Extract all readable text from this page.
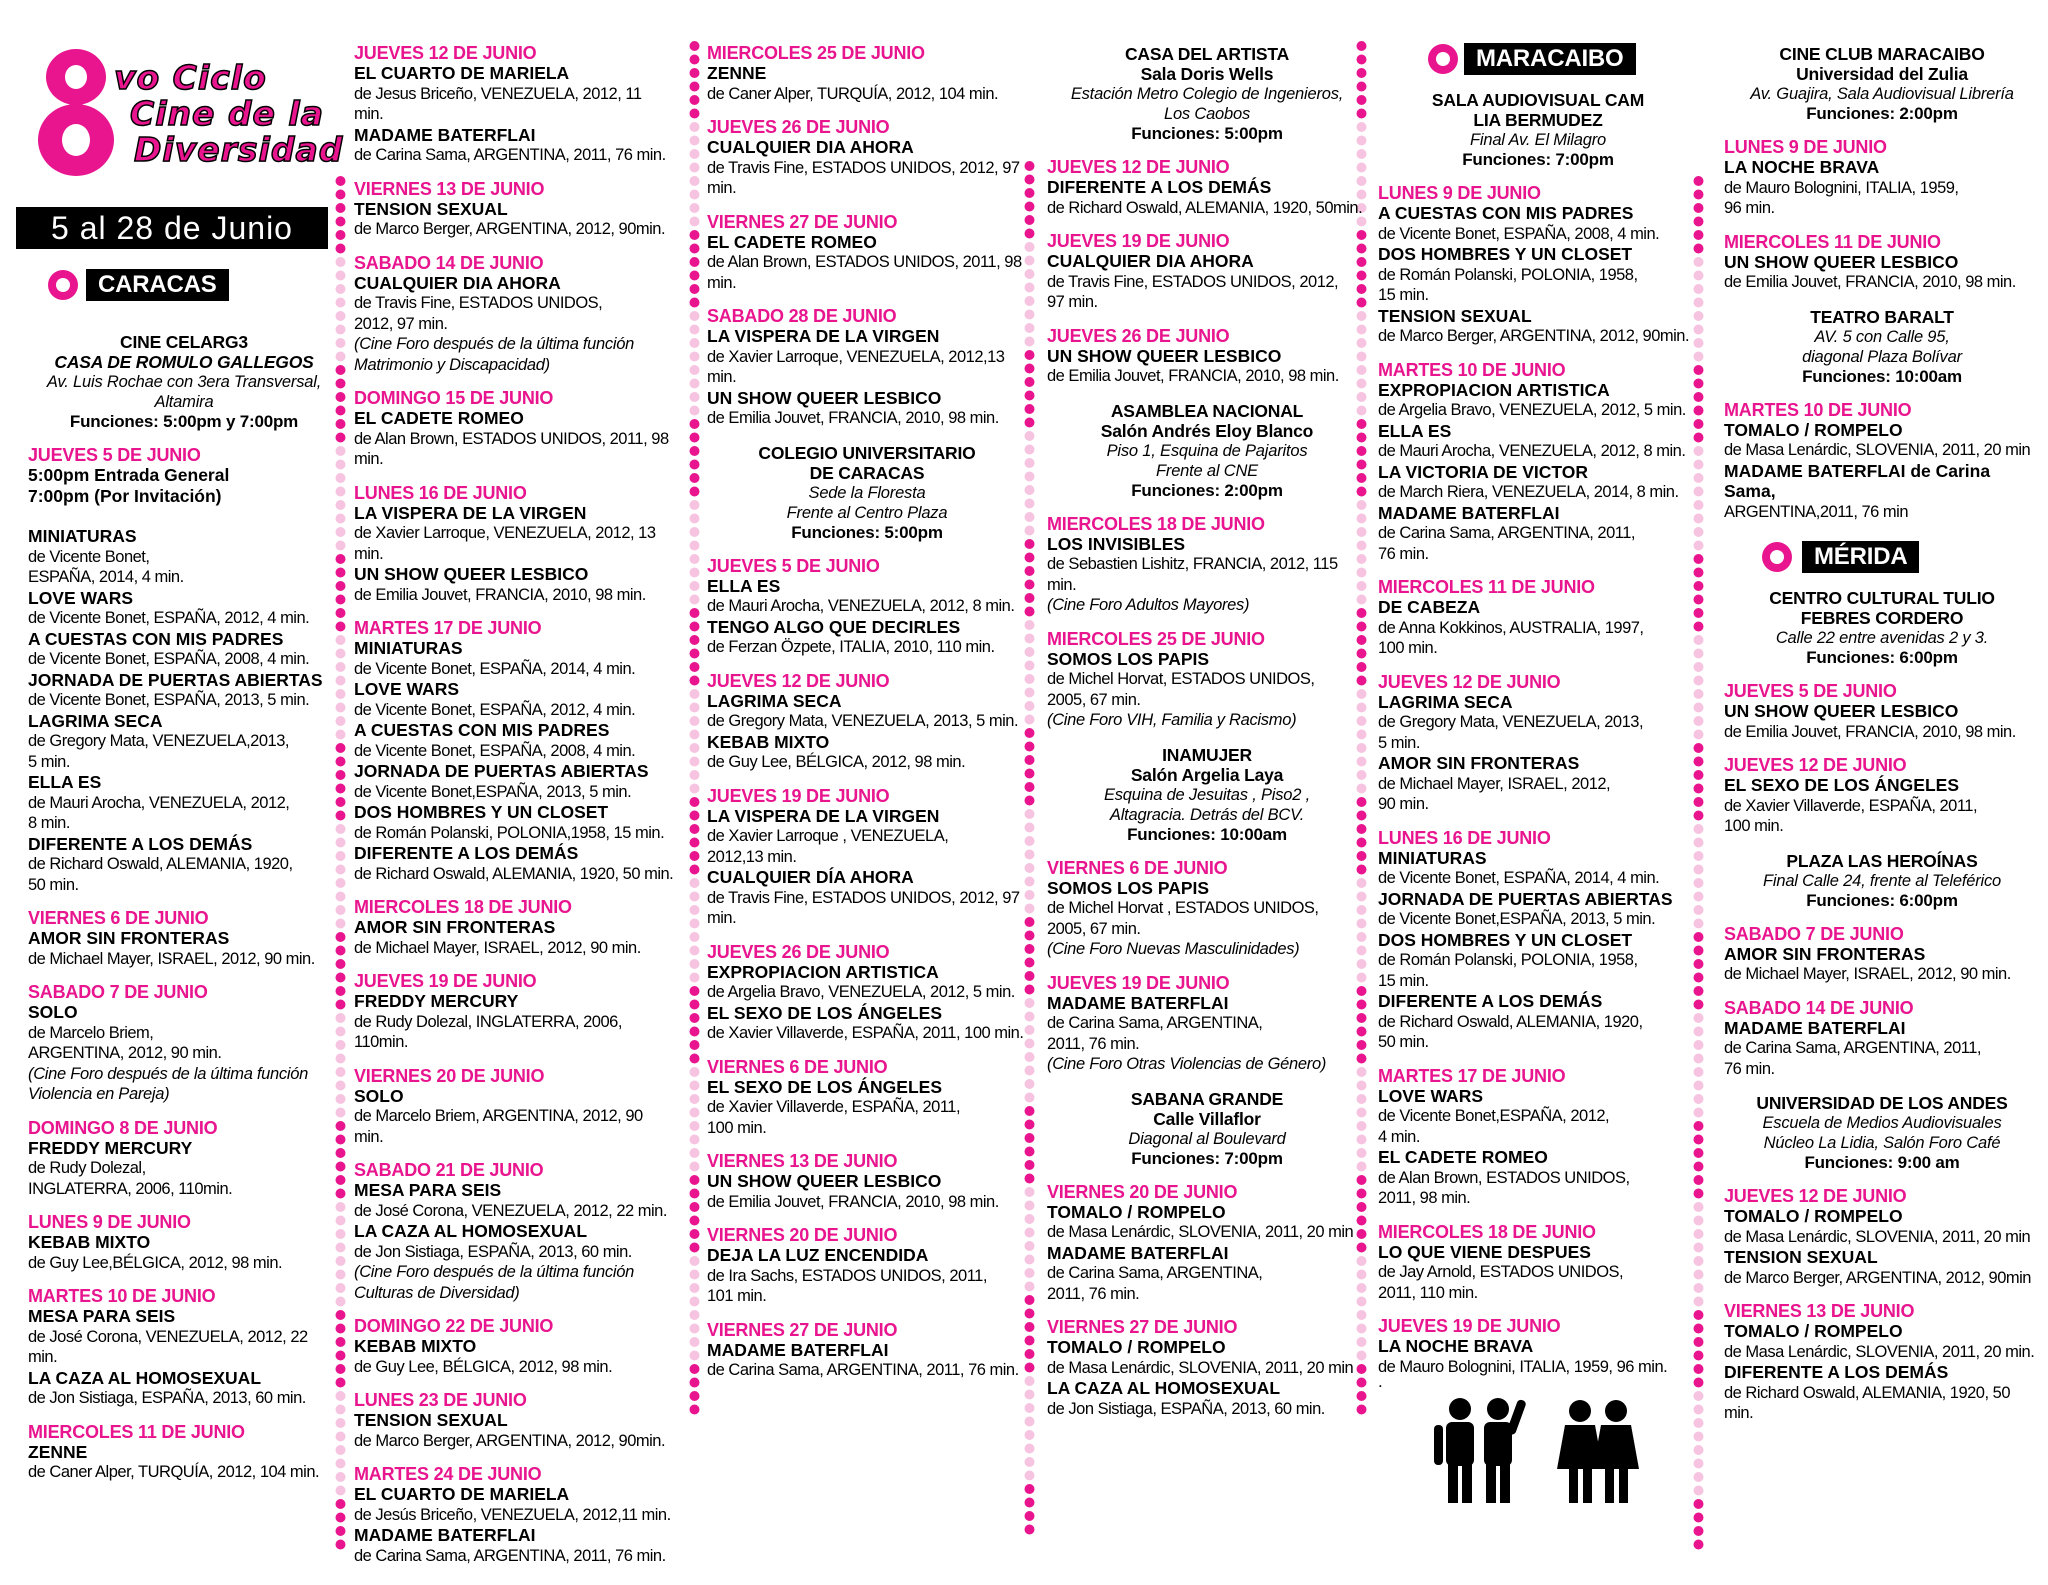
vo Ciclo
Cine de la
Diversidad
5 al 28 de Junio
CARACAS
CINE CELARG3
CASA DE ROMULO GALLEGOS
Av. Luis Rochae con 3era Transversal,
Altamira
Funciones: 5:00pm y 7:00pm
JUEVES 5 DE JUNIO
5:00pm Entrada General
7:00pm (Por Invitación)
MINIATURAS
de Vicente Bonet,
ESPAÑA, 2014, 4 min.
LOVE WARS
de Vicente Bonet, ESPAÑA, 2012, 4 min.
A CUESTAS CON MIS PADRES
de Vicente Bonet, ESPAÑA, 2008, 4 min.
JORNADA DE PUERTAS ABIERTAS
de Vicente Bonet, ESPAÑA, 2013, 5 min.
LAGRIMA SECA
de Gregory Mata, VENEZUELA,2013,
5 min.
ELLA ES
de Mauri Arocha, VENEZUELA, 2012,
8 min.
DIFERENTE A LOS DEMÁS
de Richard Oswald, ALEMANIA, 1920,
50 min.
VIERNES 6 DE JUNIO
AMOR SIN FRONTERAS
de Michael Mayer, ISRAEL, 2012, 90 min.
SABADO 7 DE JUNIO
SOLO
de Marcelo Briem,
ARGENTINA, 2012, 90 min.
(Cine Foro después de la última función
Violencia en Pareja)
DOMINGO 8 DE JUNIO
FREDDY MERCURY
de Rudy Dolezal,
INGLATERRA, 2006, 110min.
LUNES 9 DE JUNIO
KEBAB MIXTO
de Guy Lee,BÉLGICA, 2012, 98 min.
MARTES 10 DE JUNIO
MESA PARA SEIS
de José Corona, VENEZUELA, 2012, 22
min.
LA CAZA AL HOMOSEXUAL
de Jon Sistiaga, ESPAÑA, 2013, 60 min.
MIERCOLES 11 DE JUNIO
ZENNE
de Caner Alper, TURQUÍA, 2012, 104 min.
JUEVES 12 DE JUNIO
EL CUARTO DE MARIELA
de Jesus Briceño, VENEZUELA, 2012, 11 min.
MADAME BATERFLAI
de Carina Sama, ARGENTINA, 2011, 76 min.
VIERNES 13 DE JUNIO
TENSION SEXUAL
de Marco Berger, ARGENTINA, 2012, 90min.
SABADO 14 DE JUNIO
CUALQUIER DIA AHORA
de Travis Fine, ESTADOS UNIDOS,
2012, 97 min.
(Cine Foro después de la última función
Matrimonio y Discapacidad)
DOMINGO 15 DE JUNIO
EL CADETE ROMEO
de Alan Brown, ESTADOS UNIDOS, 2011, 98 min.
LUNES 16 DE JUNIO
LA VISPERA DE LA VIRGEN
de Xavier Larroque, VENEZUELA, 2012, 13 min.
UN SHOW QUEER LESBICO
de Emilia Jouvet, FRANCIA, 2010, 98 min.
MARTES 17 DE JUNIO
MINIATURAS
de Vicente Bonet, ESPAÑA, 2014, 4 min.
LOVE WARS
de Vicente Bonet, ESPAÑA, 2012, 4 min.
A CUESTAS CON MIS PADRES
de Vicente Bonet, ESPAÑA, 2008, 4 min.
JORNADA DE PUERTAS ABIERTAS
de Vicente Bonet,ESPAÑA, 2013, 5 min.
DOS HOMBRES Y UN CLOSET
de Román Polanski, POLONIA,1958, 15 min.
DIFERENTE A LOS DEMÁS
de Richard Oswald, ALEMANIA, 1920, 50 min.
MIERCOLES 18 DE JUNIO
AMOR SIN FRONTERAS
de Michael Mayer, ISRAEL, 2012, 90 min.
JUEVES 19 DE JUNIO
FREDDY MERCURY
de Rudy Dolezal, INGLATERRA, 2006, 110min.
VIERNES 20 DE JUNIO
SOLO
de Marcelo Briem, ARGENTINA, 2012, 90 min.
SABADO 21 DE JUNIO
MESA PARA SEIS
de José Corona, VENEZUELA, 2012, 22 min.
LA CAZA AL HOMOSEXUAL
de Jon Sistiaga, ESPAÑA, 2013, 60 min.
(Cine Foro después de la última función
Culturas de Diversidad)
DOMINGO 22 DE JUNIO
KEBAB MIXTO
de Guy Lee, BÉLGICA, 2012, 98 min.
LUNES 23 DE JUNIO
TENSION SEXUAL
de Marco Berger, ARGENTINA, 2012, 90min.
MARTES 24 DE JUNIO
EL CUARTO DE MARIELA
de Jesús Briceño, VENEZUELA, 2012,11 min.
MADAME BATERFLAI
de Carina Sama, ARGENTINA, 2011, 76 min.
MIERCOLES 25 DE JUNIO
ZENNE
de Caner Alper, TURQUÍA, 2012, 104 min.
JUEVES 26 DE JUNIO
CUALQUIER DIA AHORA
de Travis Fine, ESTADOS UNIDOS, 2012, 97 min.
VIERNES 27 DE JUNIO
EL CADETE ROMEO
de Alan Brown, ESTADOS UNIDOS, 2011, 98 min.
SABADO 28 DE JUNIO
LA VISPERA DE LA VIRGEN
de Xavier Larroque, VENEZUELA, 2012,13 min.
UN SHOW QUEER LESBICO
de Emilia Jouvet, FRANCIA, 2010, 98 min.
COLEGIO UNIVERSITARIO
DE CARACAS
Sede la Floresta
Frente al Centro Plaza
Funciones: 5:00pm
JUEVES 5 DE JUNIO
ELLA ES
de Mauri Arocha, VENEZUELA, 2012, 8 min.
TENGO ALGO QUE DECIRLES
de Ferzan Özpete, ITALIA, 2010, 110 min.
JUEVES 12 DE JUNIO
LAGRIMA SECA
de Gregory Mata, VENEZUELA, 2013, 5 min.
KEBAB MIXTO
de Guy Lee, BÉLGICA, 2012, 98 min.
JUEVES 19 DE JUNIO
LA VISPERA DE LA VIRGEN
de Xavier Larroque , VENEZUELA,
2012,13 min.
CUALQUIER DÍA AHORA
de Travis Fine, ESTADOS UNIDOS, 2012, 97 min.
JUEVES 26 DE JUNIO
EXPROPIACION ARTISTICA
de Argelia Bravo, VENEZUELA, 2012, 5 min.
EL SEXO DE LOS ÁNGELES
de Xavier Villaverde, ESPAÑA, 2011, 100 min.
VIERNES 6 DE JUNIO
EL SEXO DE LOS ÁNGELES
de Xavier Villaverde, ESPAÑA, 2011,
100 min.
VIERNES 13 DE JUNIO
UN SHOW QUEER LESBICO
de Emilia Jouvet, FRANCIA, 2010, 98 min.
VIERNES 20 DE JUNIO
DEJA LA LUZ ENCENDIDA
de Ira Sachs, ESTADOS UNIDOS, 2011,
101 min.
VIERNES 27 DE JUNIO
MADAME BATERFLAI
de Carina Sama, ARGENTINA, 2011, 76 min.
CASA DEL ARTISTA
Sala Doris Wells
Estación Metro Colegio de Ingenieros,
Los Caobos
Funciones: 5:00pm
JUEVES 12 DE JUNIO
DIFERENTE A LOS DEMÁS
de Richard Oswald, ALEMANIA, 1920, 50min.
JUEVES 19 DE JUNIO
CUALQUIER DIA AHORA
de Travis Fine, ESTADOS UNIDOS, 2012,
97 min.
JUEVES 26 DE JUNIO
UN SHOW QUEER LESBICO
de Emilia Jouvet, FRANCIA, 2010, 98 min.
ASAMBLEA NACIONAL
Salón Andrés Eloy Blanco
Piso 1, Esquina de Pajaritos
Frente al CNE
Funciones: 2:00pm
MIERCOLES 18 DE JUNIO
LOS INVISIBLES
de Sebastien Lishitz, FRANCIA, 2012, 115 min.
(Cine Foro Adultos Mayores)
MIERCOLES 25 DE JUNIO
SOMOS LOS PAPIS
de Michel Horvat, ESTADOS UNIDOS,
2005, 67 min.
(Cine Foro VIH, Familia y Racismo)
INAMUJER
Salón Argelia Laya
Esquina de Jesuitas , Piso2 ,
Altagracia. Detrás del BCV.
Funciones: 10:00am
VIERNES 6 DE JUNIO
SOMOS LOS PAPIS
de Michel Horvat , ESTADOS UNIDOS,
2005, 67 min.
(Cine Foro Nuevas Masculinidades)
JUEVES 19 DE JUNIO
MADAME BATERFLAI
de Carina Sama, ARGENTINA,
2011, 76 min.
(Cine Foro Otras Violencias de Género)
SABANA GRANDE
Calle Villaflor
Diagonal al Boulevard
Funciones: 7:00pm
VIERNES 20 DE JUNIO
TOMALO / ROMPELO
de Masa Lenárdic, SLOVENIA, 2011, 20 min
MADAME BATERFLAI
de Carina Sama, ARGENTINA,
2011, 76 min.
VIERNES 27 DE JUNIO
TOMALO / ROMPELO
de Masa Lenárdic, SLOVENIA, 2011, 20 min
LA CAZA AL HOMOSEXUAL
de Jon Sistiaga, ESPAÑA, 2013, 60 min.
MARACAIBO
SALA AUDIOVISUAL CAM
LIA BERMUDEZ
Final Av. El Milagro
Funciones: 7:00pm
LUNES 9 DE JUNIO
A CUESTAS CON MIS PADRES
de Vicente Bonet, ESPAÑA, 2008, 4 min.
DOS HOMBRES Y UN CLOSET
de Román Polanski, POLONIA, 1958,
15 min.
TENSION SEXUAL
de Marco Berger, ARGENTINA, 2012, 90min.
MARTES 10 DE JUNIO
EXPROPIACION ARTISTICA
de Argelia Bravo, VENEZUELA, 2012, 5 min.
ELLA ES
de Mauri Arocha, VENEZUELA, 2012, 8 min.
LA VICTORIA DE VICTOR
de March Riera, VENEZUELA, 2014, 8 min.
MADAME BATERFLAI
de Carina Sama, ARGENTINA, 2011,
76 min.
MIERCOLES 11 DE JUNIO
DE CABEZA
de Anna Kokkinos, AUSTRALIA, 1997,
100 min.
JUEVES 12 DE JUNIO
LAGRIMA SECA
de Gregory Mata, VENEZUELA, 2013,
5 min.
AMOR SIN FRONTERAS
de Michael Mayer, ISRAEL, 2012,
90 min.
LUNES 16 DE JUNIO
MINIATURAS
de Vicente Bonet, ESPAÑA, 2014, 4 min.
JORNADA DE PUERTAS ABIERTAS
de Vicente Bonet,ESPAÑA, 2013, 5 min.
DOS HOMBRES Y UN CLOSET
de Román Polanski, POLONIA, 1958,
15 min.
DIFERENTE A LOS DEMÁS
de Richard Oswald, ALEMANIA, 1920,
50 min.
MARTES 17 DE JUNIO
LOVE WARS
de Vicente Bonet,ESPAÑA, 2012,
4 min.
EL CADETE ROMEO
de Alan Brown, ESTADOS UNIDOS,
2011, 98 min.
MIERCOLES 18 DE JUNIO
LO QUE VIENE DESPUES
de Jay Arnold, ESTADOS UNIDOS,
2011, 110 min.
JUEVES 19 DE JUNIO
LA NOCHE BRAVA
de Mauro Bolognini, ITALIA, 1959, 96 min.
.
CINE CLUB MARACAIBO
Universidad del Zulia
Av. Guajira, Sala Audiovisual Librería
Funciones: 2:00pm
LUNES 9 DE JUNIO
LA NOCHE BRAVA
de Mauro Bolognini, ITALIA, 1959,
96 min.
MIERCOLES 11 DE JUNIO
UN SHOW QUEER LESBICO
de Emilia Jouvet, FRANCIA, 2010, 98 min.
TEATRO BARALT
AV. 5 con Calle 95,
diagonal Plaza Bolívar
Funciones: 10:00am
MARTES 10 DE JUNIO
TOMALO / ROMPELO
de Masa Lenárdic, SLOVENIA, 2011, 20 min
MADAME BATERFLAI de Carina Sama,
ARGENTINA,2011, 76 min
MÉRIDA
CENTRO CULTURAL TULIO
FEBRES CORDERO
Calle 22 entre avenidas 2 y 3.
Funciones: 6:00pm
JUEVES 5 DE JUNIO
UN SHOW QUEER LESBICO
de Emilia Jouvet, FRANCIA, 2010, 98 min.
JUEVES 12 DE JUNIO
EL SEXO DE LOS ÁNGELES
de Xavier Villaverde, ESPAÑA, 2011,
100 min.
PLAZA LAS HEROÍNAS
Final Calle 24, frente al Teleférico
Funciones: 6:00pm
SABADO 7 DE JUNIO
AMOR SIN FRONTERAS
de Michael Mayer, ISRAEL, 2012, 90 min.
SABADO 14 DE JUNIO
MADAME BATERFLAI
de Carina Sama, ARGENTINA, 2011,
76 min.
UNIVERSIDAD DE LOS ANDES
Escuela de Medios Audiovisuales
Núcleo La Lidia, Salón Foro Café
Funciones: 9:00 am
JUEVES 12 DE JUNIO
TOMALO / ROMPELO
de Masa Lenárdic, SLOVENIA, 2011, 20 min
TENSION SEXUAL
de Marco Berger, ARGENTINA, 2012, 90min
VIERNES 13 DE JUNIO
TOMALO / ROMPELO
de Masa Lenárdic, SLOVENIA, 2011, 20 min.
DIFERENTE A LOS DEMÁS
de Richard Oswald, ALEMANIA, 1920, 50 min.
